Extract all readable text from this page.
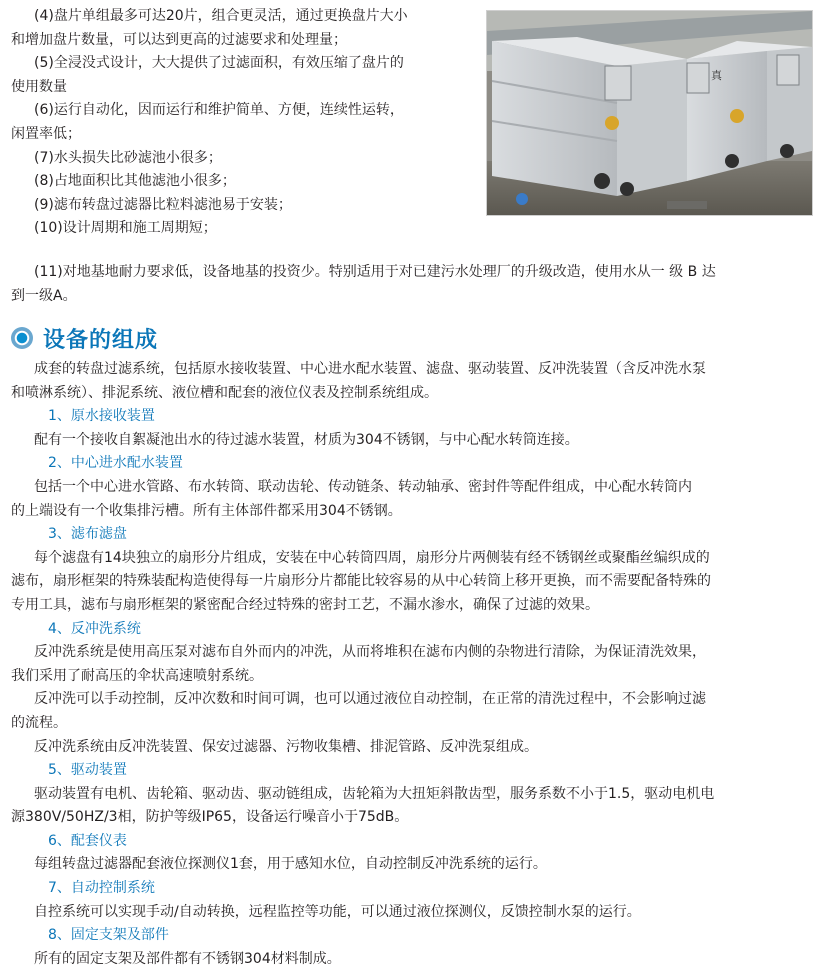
(4)盘片单组最多可达20片，组合更灵活，通过更换盘片大小

和增加盘片数量，可以达到更高的过滤要求和处理量；

(5)全浸没式设计，大大提供了过滤面积，有效压缩了盘片的

使用数量

(6)运行自动化，因而运行和维护简单、方便，连续性运转，

闲置率低；

(7)水头损失比砂滤池小很多；

(8)占地面积比其他滤池小很多；

(9)滤布转盘过滤器比粒料滤池易于安装；

(10)设计周期和施工周期短；

真

(11)对地基地耐力要求低，设备地基的投资少。特别适用于对已建污水处理厂的升级改造，使用水从一 级 B 达

到一级A。

设备的组成

成套的转盘过滤系统，包括原水接收装置、中心进水配水装置、滤盘、驱动装置、反冲洗装置（含反冲洗水泵

和喷淋系统）、排泥系统、液位槽和配套的液位仪表及控制系统组成。

1、原水接收装置

配有一个接收自絮凝池出水的待过滤水装置，材质为304不锈钢，与中心配水转筒连接。

2、中心进水配水装置

包括一个中心进水管路、布水转筒、联动齿轮、传动链条、转动轴承、密封件等配件组成，中心配水转筒内

的上端设有一个收集排污槽。所有主体部件都采用304不锈钢。

3、滤布滤盘

每个滤盘有14块独立的扇形分片组成，安装在中心转筒四周，扇形分片两侧装有经不锈钢丝或聚酯丝编织成的

滤布，扇形框架的特殊装配构造使得每一片扇形分片都能比较容易的从中心转筒上移开更换，而不需要配备特殊的

专用工具，滤布与扇形框架的紧密配合经过特殊的密封工艺，不漏水渗水，确保了过滤的效果。

4、反冲洗系统

反冲洗系统是使用高压泵对滤布自外而内的冲洗，从而将堆积在滤布内侧的杂物进行清除，为保证清洗效果，

我们采用了耐高压的伞状高速喷射系统。

反冲洗可以手动控制，反冲次数和时间可调，也可以通过液位自动控制，在正常的清洗过程中，不会影响过滤

的流程。

反冲洗系统由反冲洗装置、保安过滤器、污物收集槽、排泥管路、反冲洗泵组成。

5、驱动装置

驱动装置有电机、齿轮箱、驱动齿、驱动链组成，齿轮箱为大扭矩斜散齿型，服务系数不小于1.5，驱动电机电

源380V/50HZ/3相，防护等级IP65，设备运行噪音小于75dB。

6、配套仪表

每组转盘过滤器配套液位探测仪1套，用于感知水位，自动控制反冲洗系统的运行。

7、自动控制系统

自控系统可以实现手动/自动转换，远程监控等功能，可以通过液位探测仪，反馈控制水泵的运行。

8、固定支架及部件

所有的固定支架及部件都有不锈钢304材料制成。
